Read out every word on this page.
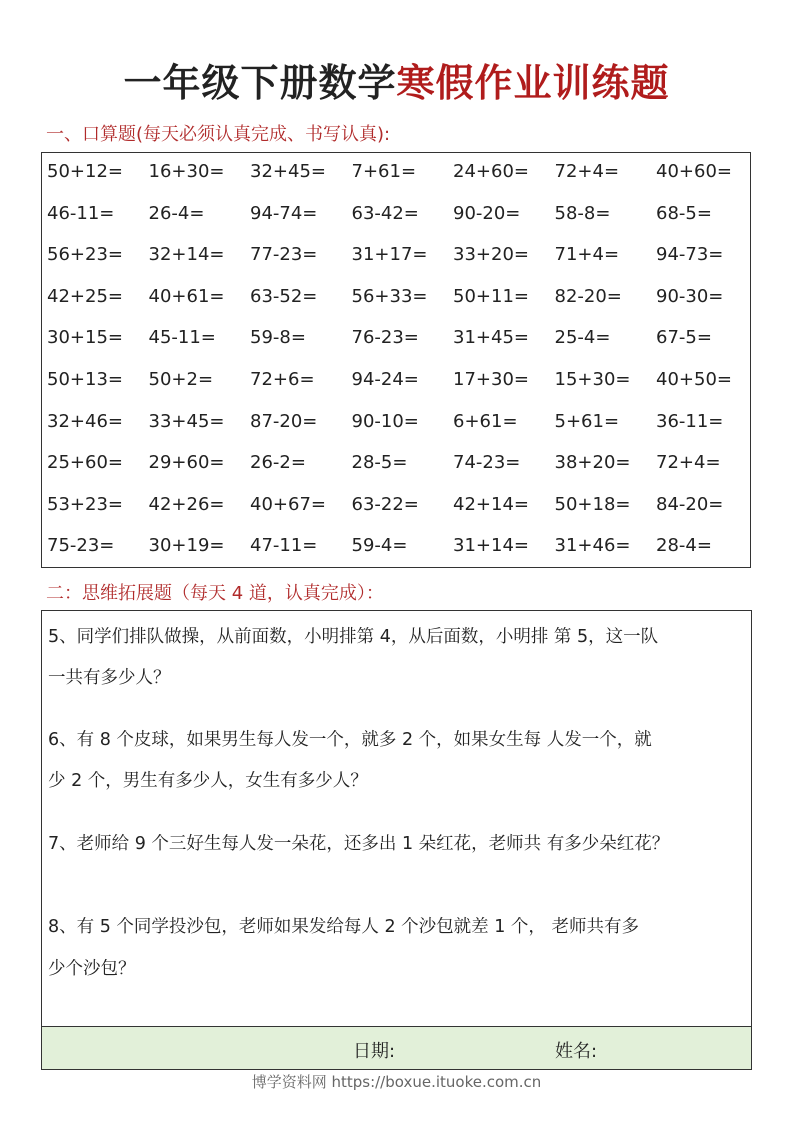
一年级下册数学寒假作业训练题
一、口算题(每天必须认真完成、书写认真):
50+12= 16+30= 32+45= 7+61= 24+60= 72+4= 40+60=
46-11= 26-4=	94-74= 63-42= 90-20= 58-8=	68-5=
56+23= 32+14= 77-23= 31+17= 33+20= 71+4= 94-73=
42+25= 40+61= 63-52= 56+33= 50+11= 82-20= 90-30=
30+15= 45-11= 59-8=	76-23= 31+45= 25-4=	67-5=
50+13= 50+2= 72+6= 94-24= 17+30= 15+30= 40+50=
32+46= 33+45= 87-20= 90-10= 6+61= 5+61= 36-11=
25+60= 29+60= 26-2=	28-5=	74-23= 38+20= 72+4=
53+23= 42+26= 40+67= 63-22= 42+14= 50+18= 84-20=
75-23= 30+19= 47-11= 59-4=	31+14= 31+46= 28-4=
二：思维拓展题（每天 4 道，认真完成）：
5、同学们排队做操，从前面数，小明排第 4，从后面数，小明排 第 5，这一队
一共有多少人？
6、有 8 个皮球，如果男生每人发一个，就多 2 个，如果女生每 人发一个，就
少 2 个，男生有多少人，女生有多少人？
7、老师给 9 个三好生每人发一朵花，还多出 1 朵红花，老师共 有多少朵红花？
8、有 5 个同学投沙包，老师如果发给每人 2 个沙包就差 1 个， 老师共有多
少个沙包？
日期:	姓名:
博学资料网 https://boxue.ituoke.com.cn
